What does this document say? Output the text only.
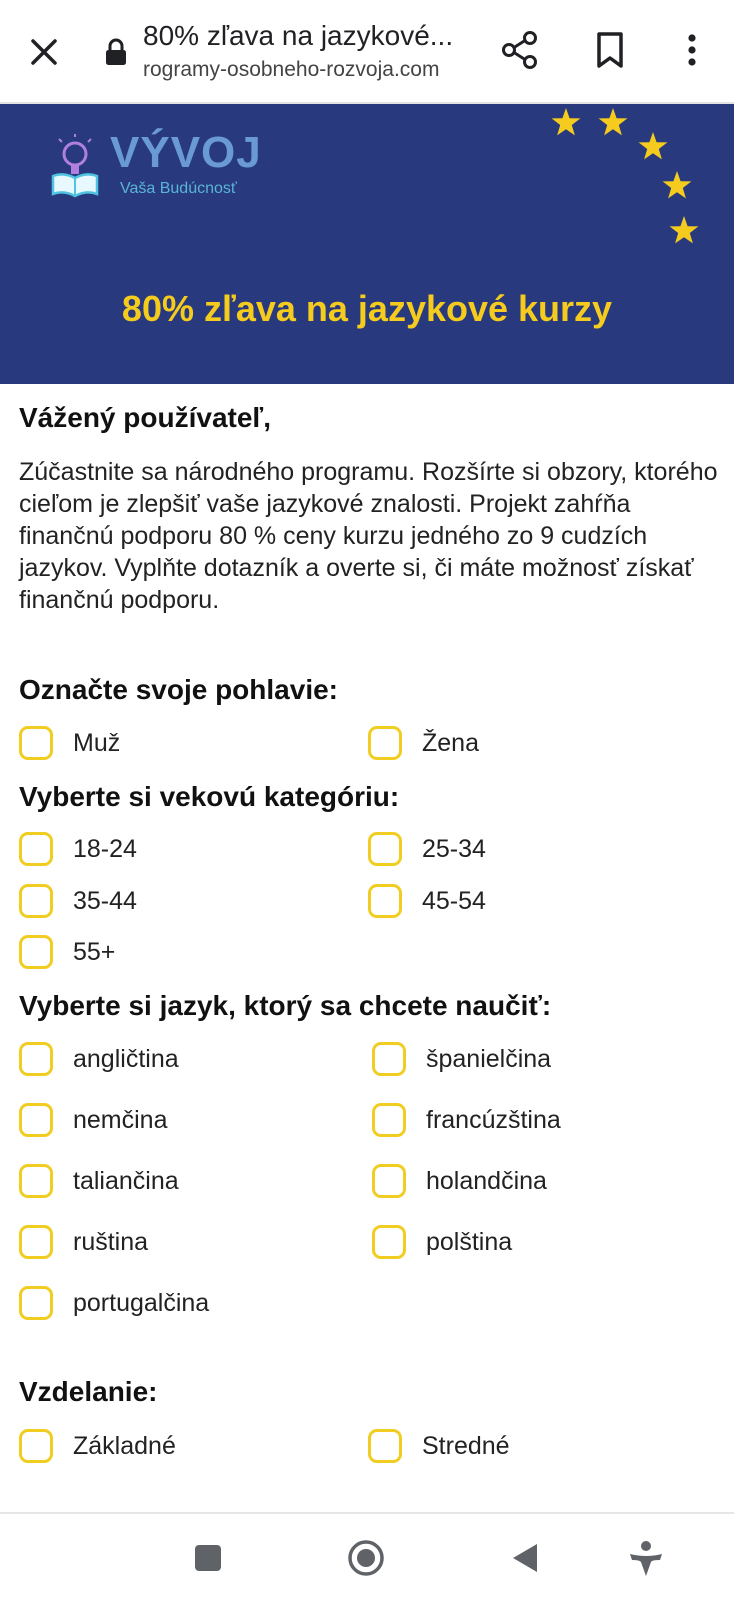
80% zľava na jazykové...
rogramy-osobneho-rozvoja.com
VÝVOJ
Vaša Budúcnosť
80% zľava na jazykové kurzy
Vážený používateľ,
Zúčastnite sa národného programu. Rozšírte si obzory, ktorého cieľom je zlepšiť vaše jazykové znalosti. Projekt zahŕňa finančnú podporu 80 % ceny kurzu jedného zo 9 cudzích jazykov. Vyplňte dotazník a overte si, či máte možnosť získať finančnú podporu.
Označte svoje pohlavie:
Muž	Žena
Vyberte si vekovú kategóriu:
18-24	25-34
35-44	45-54
55+
Vyberte si jazyk, ktorý sa chcete naučiť:
angličtina	španielčina
nemčina	francúzština
taliančina	holandčina
ruština	polština
portugalčina
Vzdelanie:
Základné	Stredné
